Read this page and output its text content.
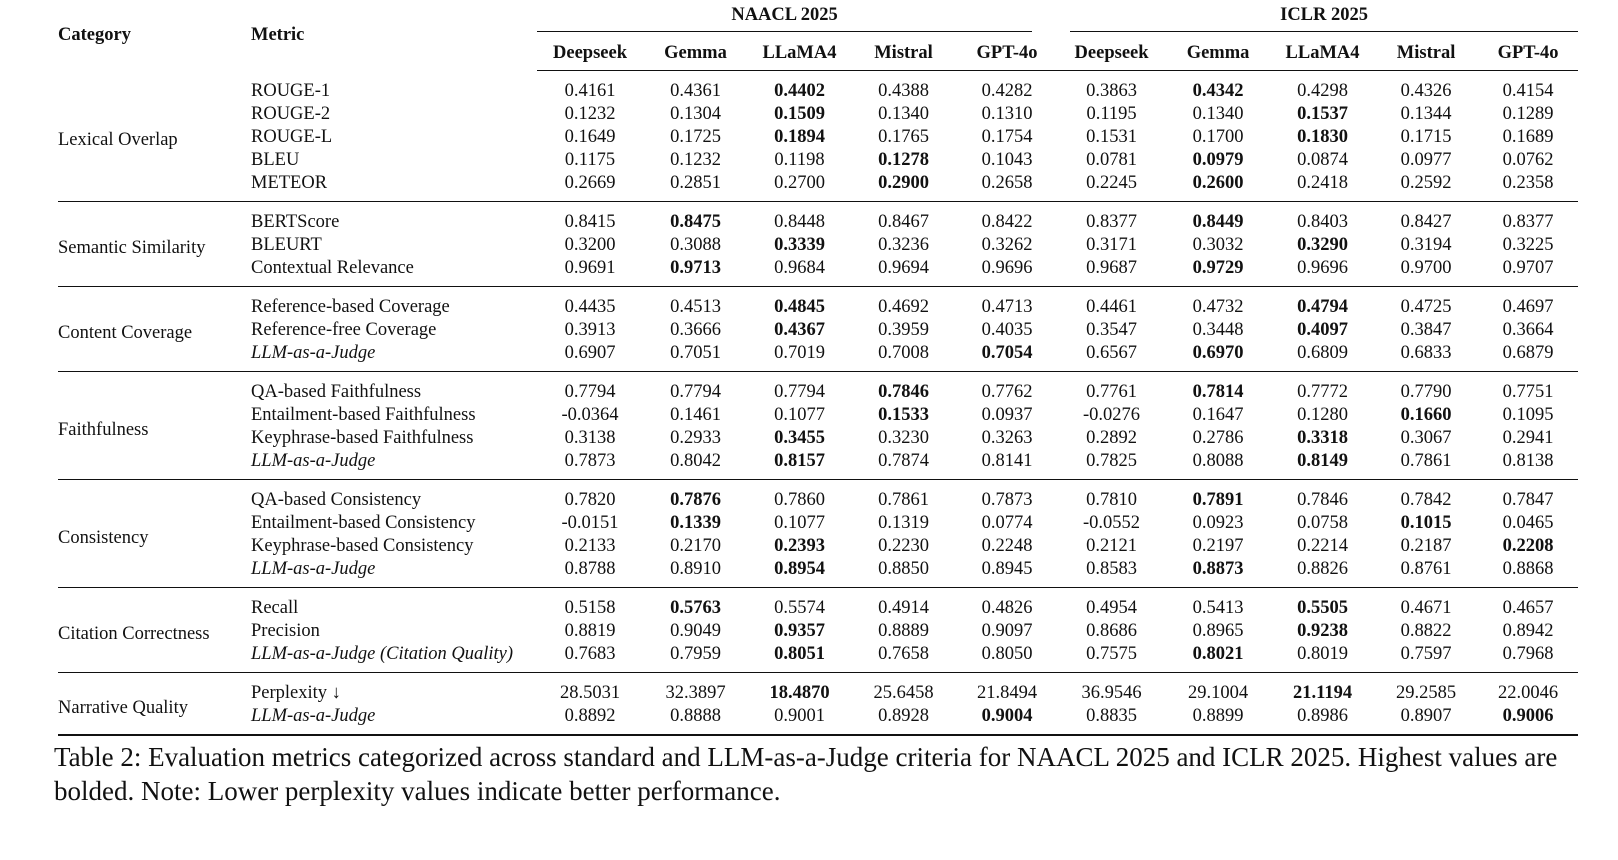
Category	Metric	NAACL 2025					ICLR 2025				

		Deepseek	Gemma	LLaMA4	Mistral	GPT-4o	Deepseek	Gemma	LLaMA4	Mistral	GPT-4o
Lexical Overlap	ROUGE-1	0.4161	0.4361	0.4402	0.4388	0.4282	0.3863	0.4342	0.4298	0.4326	0.4154
	ROUGE-2	0.1232	0.1304	0.1509	0.1340	0.1310	0.1195	0.1340	0.1537	0.1344	0.1289
	ROUGE-L	0.1649	0.1725	0.1894	0.1765	0.1754	0.1531	0.1700	0.1830	0.1715	0.1689
	BLEU	0.1175	0.1232	0.1198	0.1278	0.1043	0.0781	0.0979	0.0874	0.0977	0.0762
	METEOR	0.2669	0.2851	0.2700	0.2900	0.2658	0.2245	0.2600	0.2418	0.2592	0.2358
Semantic Similarity	BERTScore	0.8415	0.8475	0.8448	0.8467	0.8422	0.8377	0.8449	0.8403	0.8427	0.8377
	BLEURT	0.3200	0.3088	0.3339	0.3236	0.3262	0.3171	0.3032	0.3290	0.3194	0.3225
	Contextual Relevance	0.9691	0.9713	0.9684	0.9694	0.9696	0.9687	0.9729	0.9696	0.9700	0.9707
Content Coverage	Reference-based Coverage	0.4435	0.4513	0.4845	0.4692	0.4713	0.4461	0.4732	0.4794	0.4725	0.4697
	Reference-free Coverage	0.3913	0.3666	0.4367	0.3959	0.4035	0.3547	0.3448	0.4097	0.3847	0.3664
	LLM-as-a-Judge	0.6907	0.7051	0.7019	0.7008	0.7054	0.6567	0.6970	0.6809	0.6833	0.6879
Faithfulness	QA-based Faithfulness	0.7794	0.7794	0.7794	0.7846	0.7762	0.7761	0.7814	0.7772	0.7790	0.7751
	Entailment-based Faithfulness	-0.0364	0.1461	0.1077	0.1533	0.0937	-0.0276	0.1647	0.1280	0.1660	0.1095
	Keyphrase-based Faithfulness	0.3138	0.2933	0.3455	0.3230	0.3263	0.2892	0.2786	0.3318	0.3067	0.2941
	LLM-as-a-Judge	0.7873	0.8042	0.8157	0.7874	0.8141	0.7825	0.8088	0.8149	0.7861	0.8138
Consistency	QA-based Consistency	0.7820	0.7876	0.7860	0.7861	0.7873	0.7810	0.7891	0.7846	0.7842	0.7847
	Entailment-based Consistency	-0.0151	0.1339	0.1077	0.1319	0.0774	-0.0552	0.0923	0.0758	0.1015	0.0465
	Keyphrase-based Consistency	0.2133	0.2170	0.2393	0.2230	0.2248	0.2121	0.2197	0.2214	0.2187	0.2208
	LLM-as-a-Judge	0.8788	0.8910	0.8954	0.8850	0.8945	0.8583	0.8873	0.8826	0.8761	0.8868
Citation Correctness	Recall	0.5158	0.5763	0.5574	0.4914	0.4826	0.4954	0.5413	0.5505	0.4671	0.4657
	Precision	0.8819	0.9049	0.9357	0.8889	0.9097	0.8686	0.8965	0.9238	0.8822	0.8942
	LLM-as-a-Judge (Citation Quality)	0.7683	0.7959	0.8051	0.7658	0.8050	0.7575	0.8021	0.8019	0.7597	0.7968
Narrative Quality	Perplexity ↓	28.5031	32.3897	18.4870	25.6458	21.8494	36.9546	29.1004	21.1194	29.2585	22.0046
	LLM-as-a-Judge	0.8892	0.8888	0.9001	0.8928	0.9004	0.8835	0.8899	0.8986	0.8907	0.9006
Table 2: Evaluation metrics categorized across standard and LLM-as-a-Judge criteria for NAACL 2025 and ICLR 2025. Highest values are bolded. Note: Lower perplexity values indicate better performance.
